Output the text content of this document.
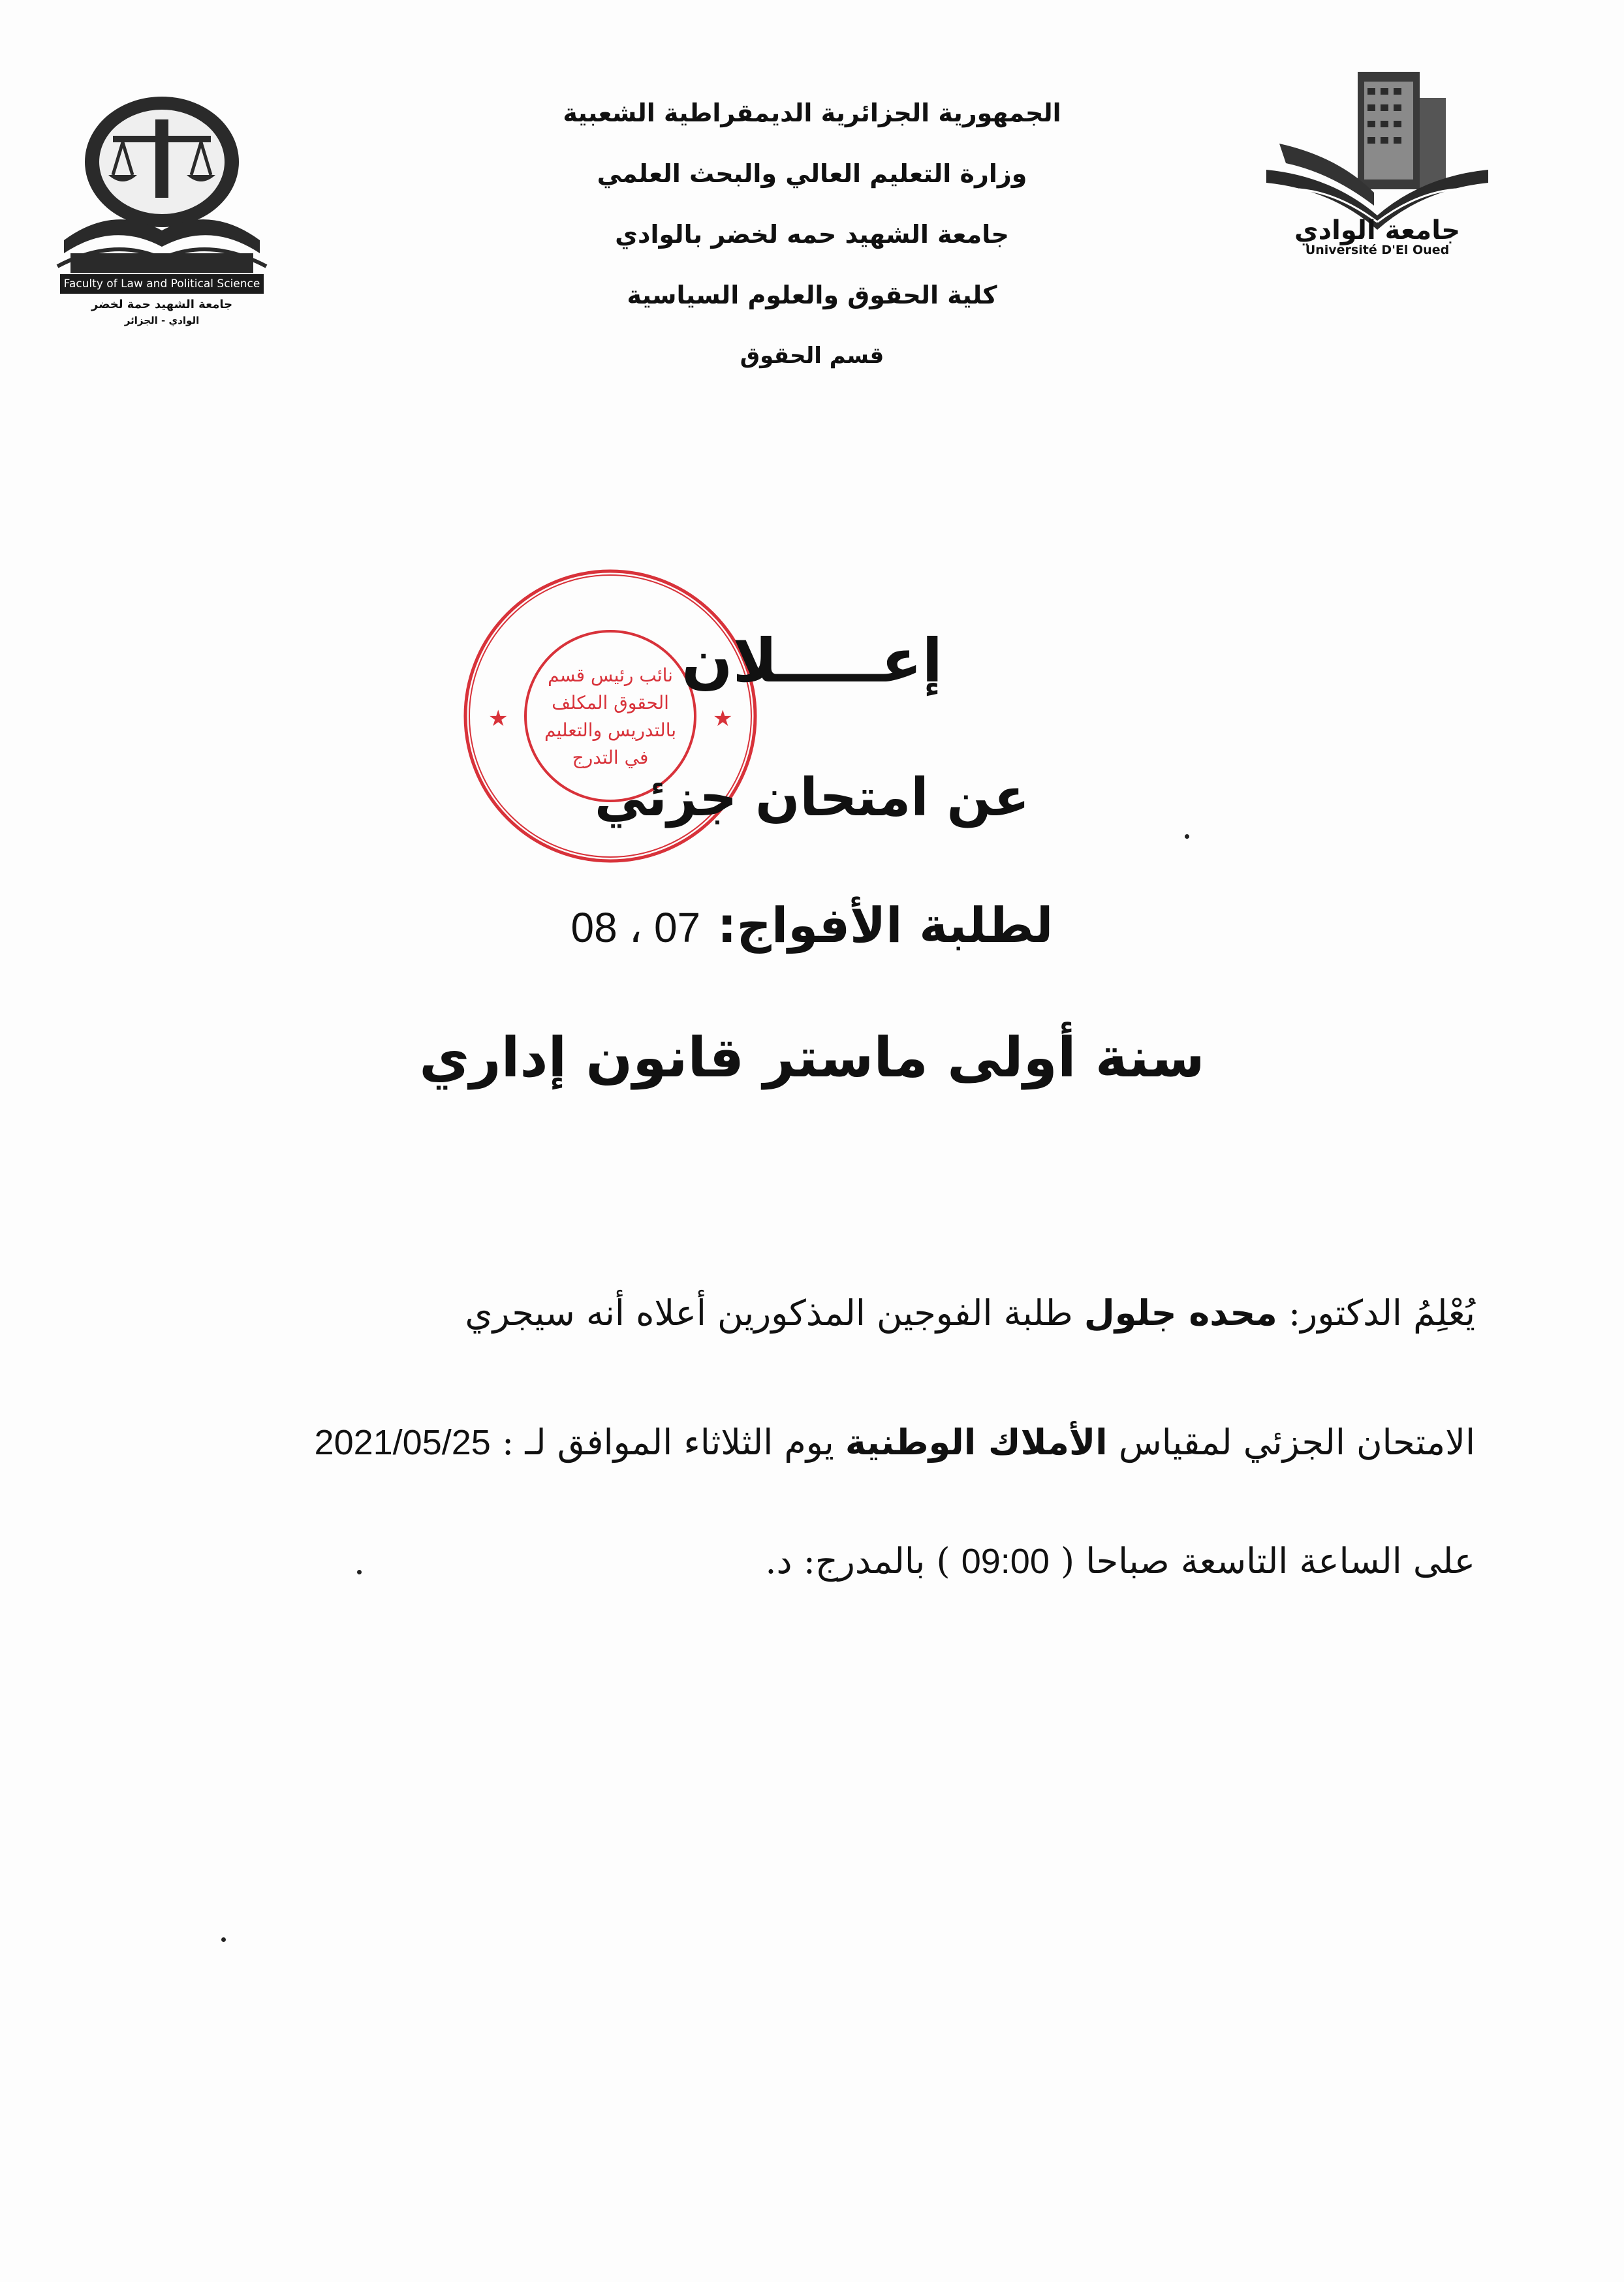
Faculty of Law and Political Science
جامعة الشهيد حمة لخضر
الوادي - الجزائر
جامعة الوادي
Université D'El Oued
الجمهورية الجزائرية الديمقراطية الشعبية
وزارة التعليم العالي والبحث العلمي
جامعة الشهيد حمه لخضر بالوادي
كلية الحقوق والعلوم السياسية
قسم الحقوق
★	★
نائب رئيس قسم
الحقوق المكلف
بالتدريس والتعليم
في التدرج
إعـــــلان
عن امتحان جزئي
لطلبة الأفواج: 07 ، 08
سنة أولى ماستر قانون إداري
يُعْلِمُ الدكتور: محده جلول طلبة الفوجين المذكورين أعلاه أنه سيجري
الامتحان الجزئي لمقياس الأملاك الوطنية يوم الثلاثاء الموافق لـ : 2021/05/25
على الساعة التاسعة صباحا ( 09:00 ) بالمدرج: د.
